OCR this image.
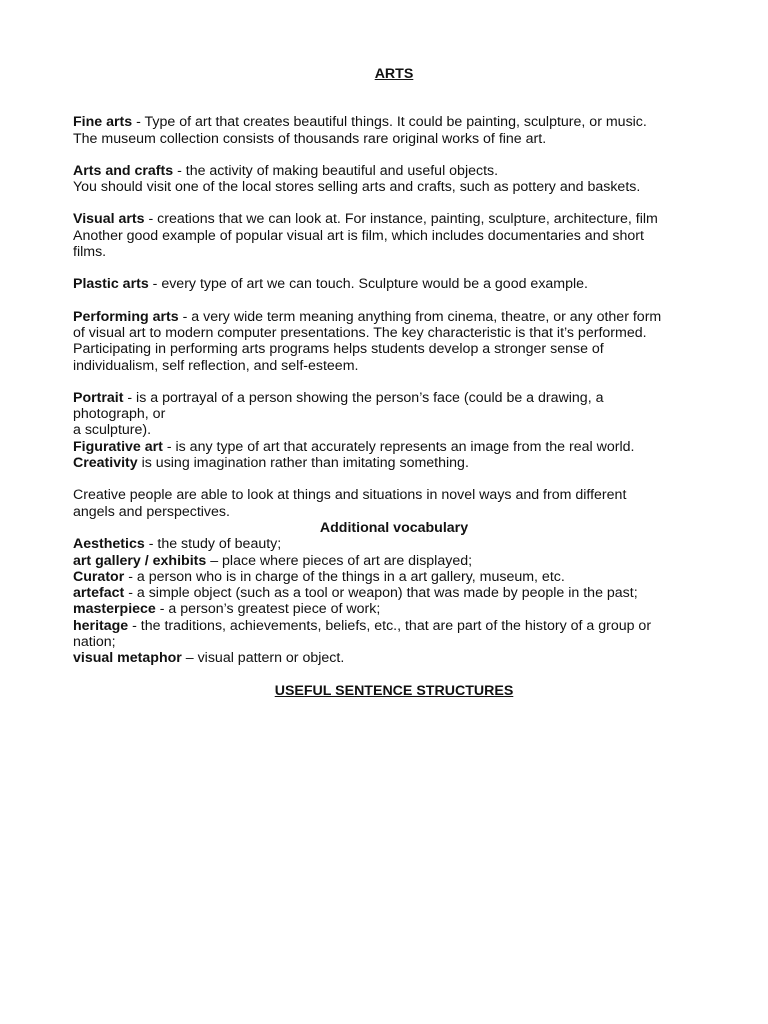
ARTS
Fine arts - Type of art that creates beautiful things. It could be painting, sculpture, or music.
The museum collection consists of thousands rare original works of fine art.
Arts and crafts - the activity of making beautiful and useful objects.
You should visit one of the local stores selling arts and crafts, such as pottery and baskets.
Visual arts - creations that we can look at. For instance, painting, sculpture, architecture, film
Another good example of popular visual art is film, which includes documentaries and short
films.
Plastic arts - every type of art we can touch. Sculpture would be a good example.
Performing arts - a very wide term meaning anything from cinema, theatre, or any other form
of visual art to modern computer presentations. The key characteristic is that it’s performed.
Participating in performing arts programs helps students develop a stronger sense of
individualism, self reflection, and self-esteem.
Portrait - is a portrayal of a person showing the person’s face (could be a drawing, a
photograph, or
a sculpture).
Figurative art - is any type of art that accurately represents an image from the real world.
Creativity is using imagination rather than imitating something.
Creative people are able to look at things and situations in novel ways and from different
angels and perspectives.
Additional vocabulary
Aesthetics - the study of beauty;
art gallery / exhibits – place where pieces of art are displayed;
Curator - a person who is in charge of the things in a art gallery, museum, etc.
artefact - a simple object (such as a tool or weapon) that was made by people in the past;
masterpiece - a person’s greatest piece of work;
heritage - the traditions, achievements, beliefs, etc., that are part of the history of a group or
nation;
visual metaphor – visual pattern or object.
USEFUL SENTENCE STRUCTURES
